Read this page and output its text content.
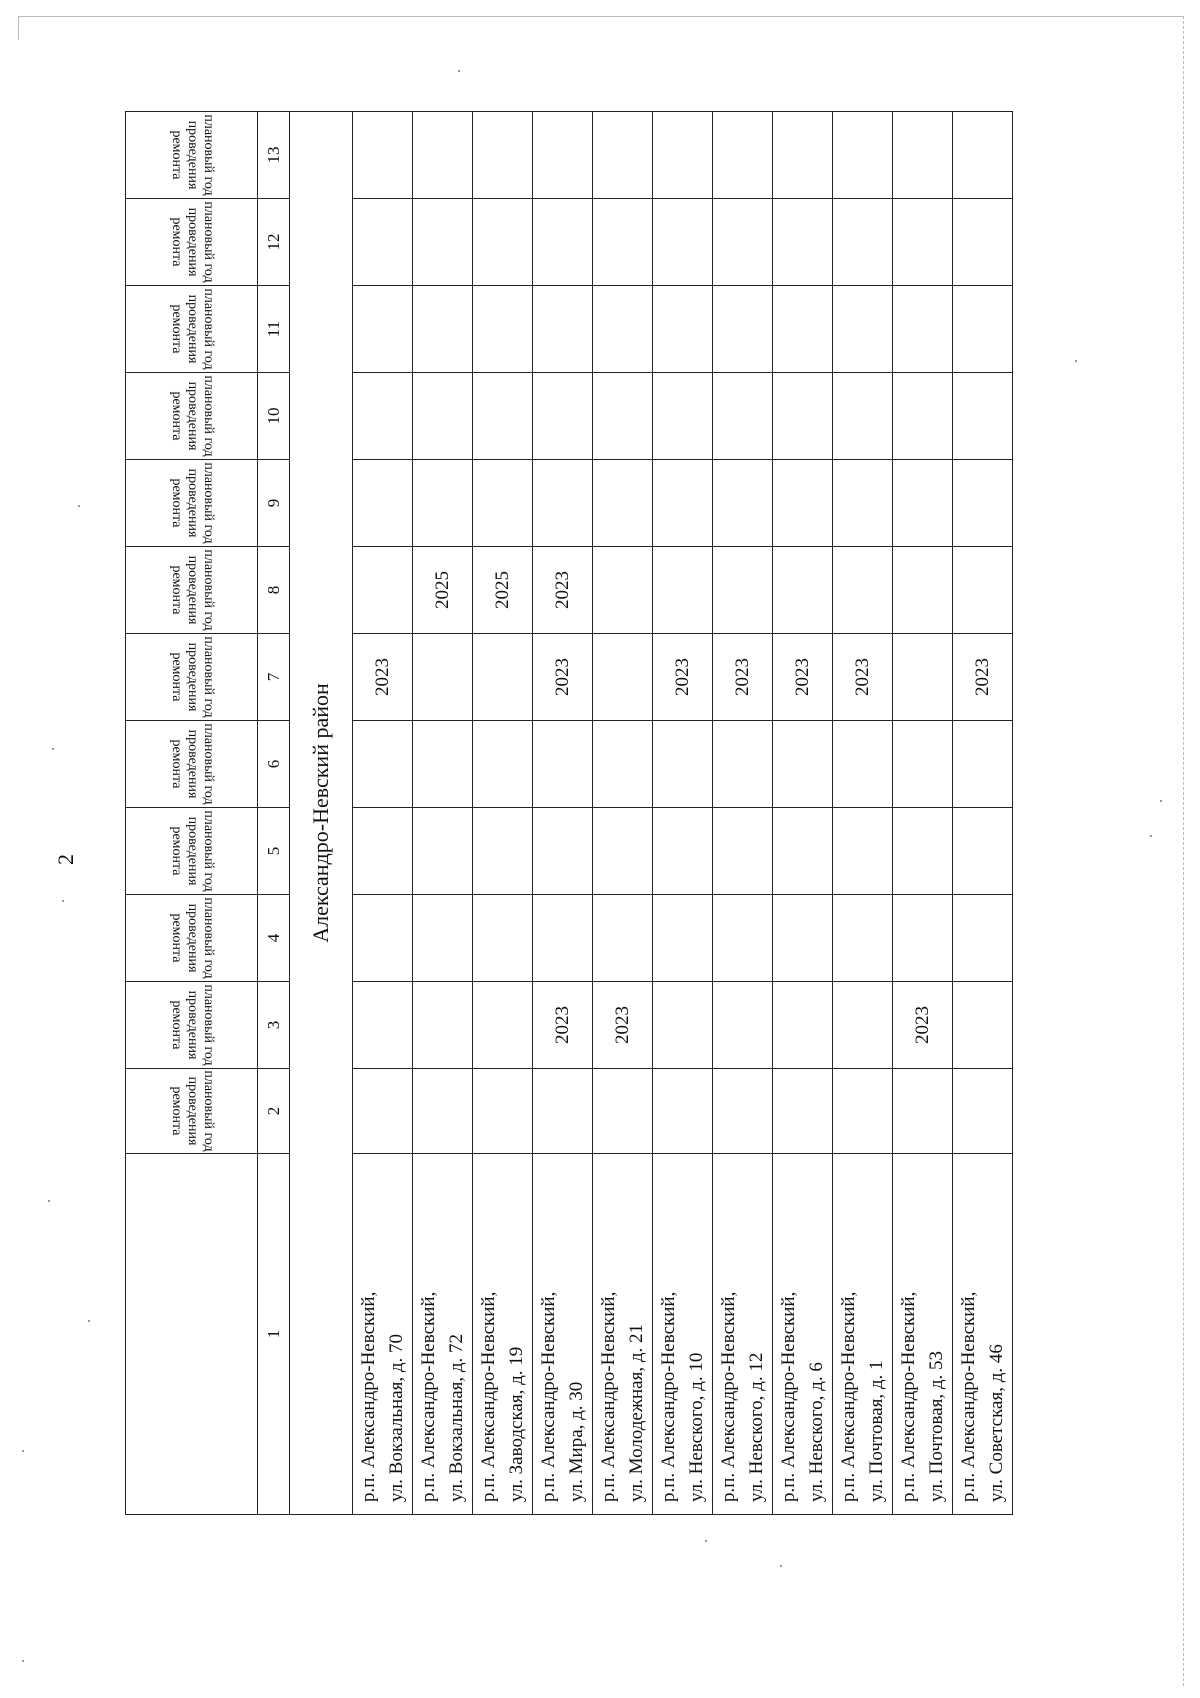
2

	плановый год проведения ремонта	плановый год проведения ремонта	плановый год проведения ремонта	плановый год проведения ремонта	плановый год проведения ремонта	плановый год проведения ремонта	плановый год проведения ремонта	плановый год проведения ремонта	плановый год проведения ремонта	плановый год проведения ремонта	плановый год проведения ремонта	плановый год проведения ремонта

1	2	3	4	5	6	7	8	9	10	11	12	13
Александро-Невский район												

р.п. Александро-Невский, ул. Вокзальная, д. 70						2023						

р.п. Александро-Невский, ул. Вокзальная, д. 72							2025					

р.п. Александро-Невский, ул. Заводская, д. 19							2025					

р.п. Александро-Невский, ул. Мира, д. 30		2023				2023	2023					

р.п. Александро-Невский, ул. Молодежная, д. 21		2023										

р.п. Александро-Невский, ул. Невского, д. 10						2023						

р.п. Александро-Невский, ул. Невского, д. 12						2023						

р.п. Александро-Невский, ул. Невского, д. 6						2023						

р.п. Александро-Невский, ул. Почтовая, д. 1						2023						

р.п. Александро-Невский, ул. Почтовая, д. 53		2023										

р.п. Александро-Невский, ул. Советская, д. 46						2023						
